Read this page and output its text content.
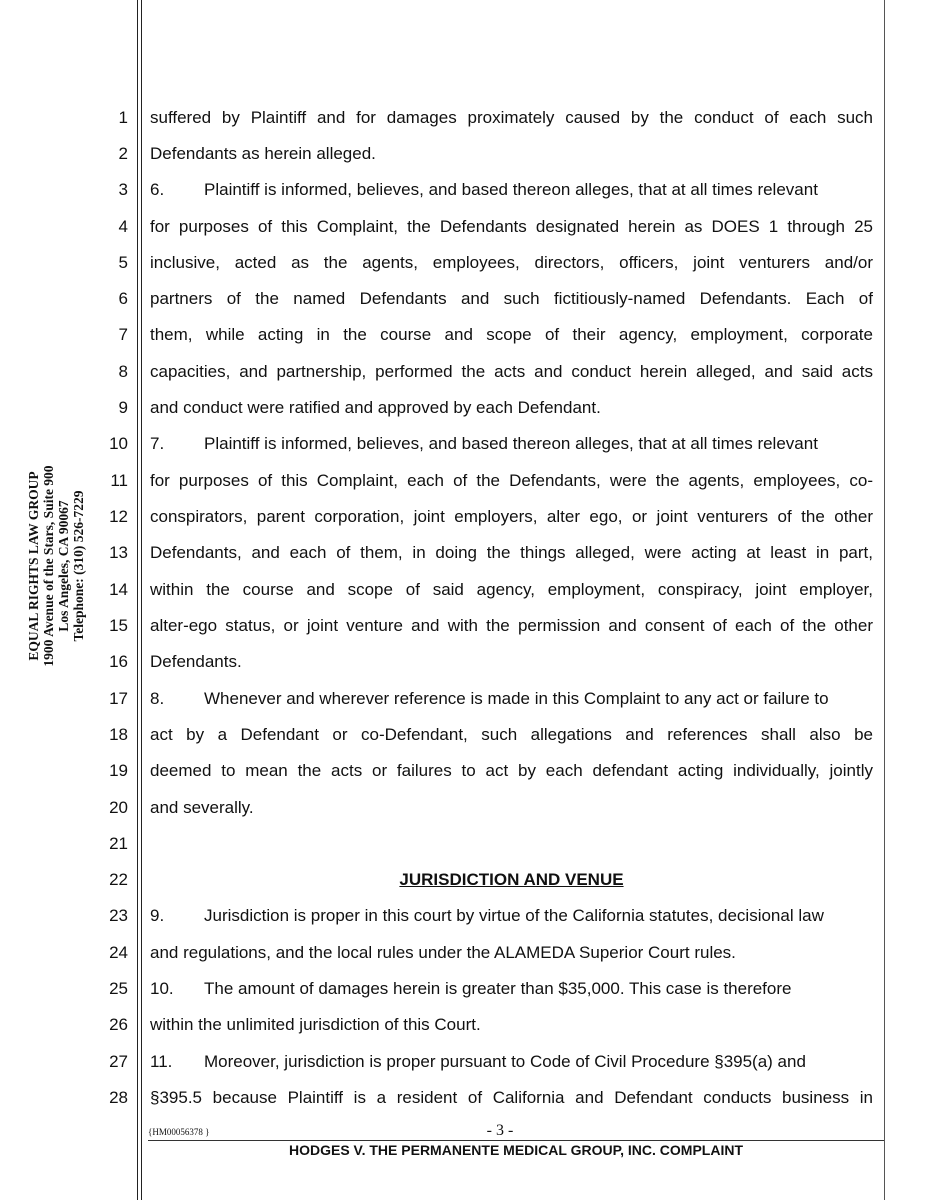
EQUAL RIGHTS LAW GROUP 1900 Avenue of the Stars, Suite 900 Los Angeles, CA 90067 Telephone: (310) 526-7229
1
2
3
4
5
6
7
8
9
10
11
12
13
14
15
16
17
18
19
20
21
22
23
24
25
26
27
28
suffered by Plaintiff and for damages proximately caused by the conduct of each such
Defendants as herein alleged.
6. Plaintiff is informed, believes, and based thereon alleges, that at all times relevant
for purposes of this Complaint, the Defendants designated herein as DOES 1 through 25
inclusive, acted as the agents, employees, directors, officers, joint venturers and/or
partners of the named Defendants and such fictitiously-named Defendants. Each of
them, while acting in the course and scope of their agency, employment, corporate
capacities, and partnership, performed the acts and conduct herein alleged, and said acts
and conduct were ratified and approved by each Defendant.
7. Plaintiff is informed, believes, and based thereon alleges, that at all times relevant
for purposes of this Complaint, each of the Defendants, were the agents, employees, co-
conspirators, parent corporation, joint employers, alter ego, or joint venturers of the other
Defendants, and each of them, in doing the things alleged, were acting at least in part,
within the course and scope of said agency, employment, conspiracy, joint employer,
alter-ego status, or joint venture and with the permission and consent of each of the other
Defendants.
8. Whenever and wherever reference is made in this Complaint to any act or failure to
act by a Defendant or co-Defendant, such allegations and references shall also be
deemed to mean the acts or failures to act by each defendant acting individually, jointly
and severally.
JURISDICTION AND VENUE
9. Jurisdiction is proper in this court by virtue of the California statutes, decisional law
and regulations, and the local rules under the ALAMEDA Superior Court rules.
10. The amount of damages herein is greater than $35,000. This case is therefore
within the unlimited jurisdiction of this Court.
11. Moreover, jurisdiction is proper pursuant to Code of Civil Procedure §395(a) and
§395.5 because Plaintiff is a resident of California and Defendant conducts business in
{HM00056378 }	- 3 -
HODGES V. THE PERMANENTE MEDICAL GROUP, INC. COMPLAINT
